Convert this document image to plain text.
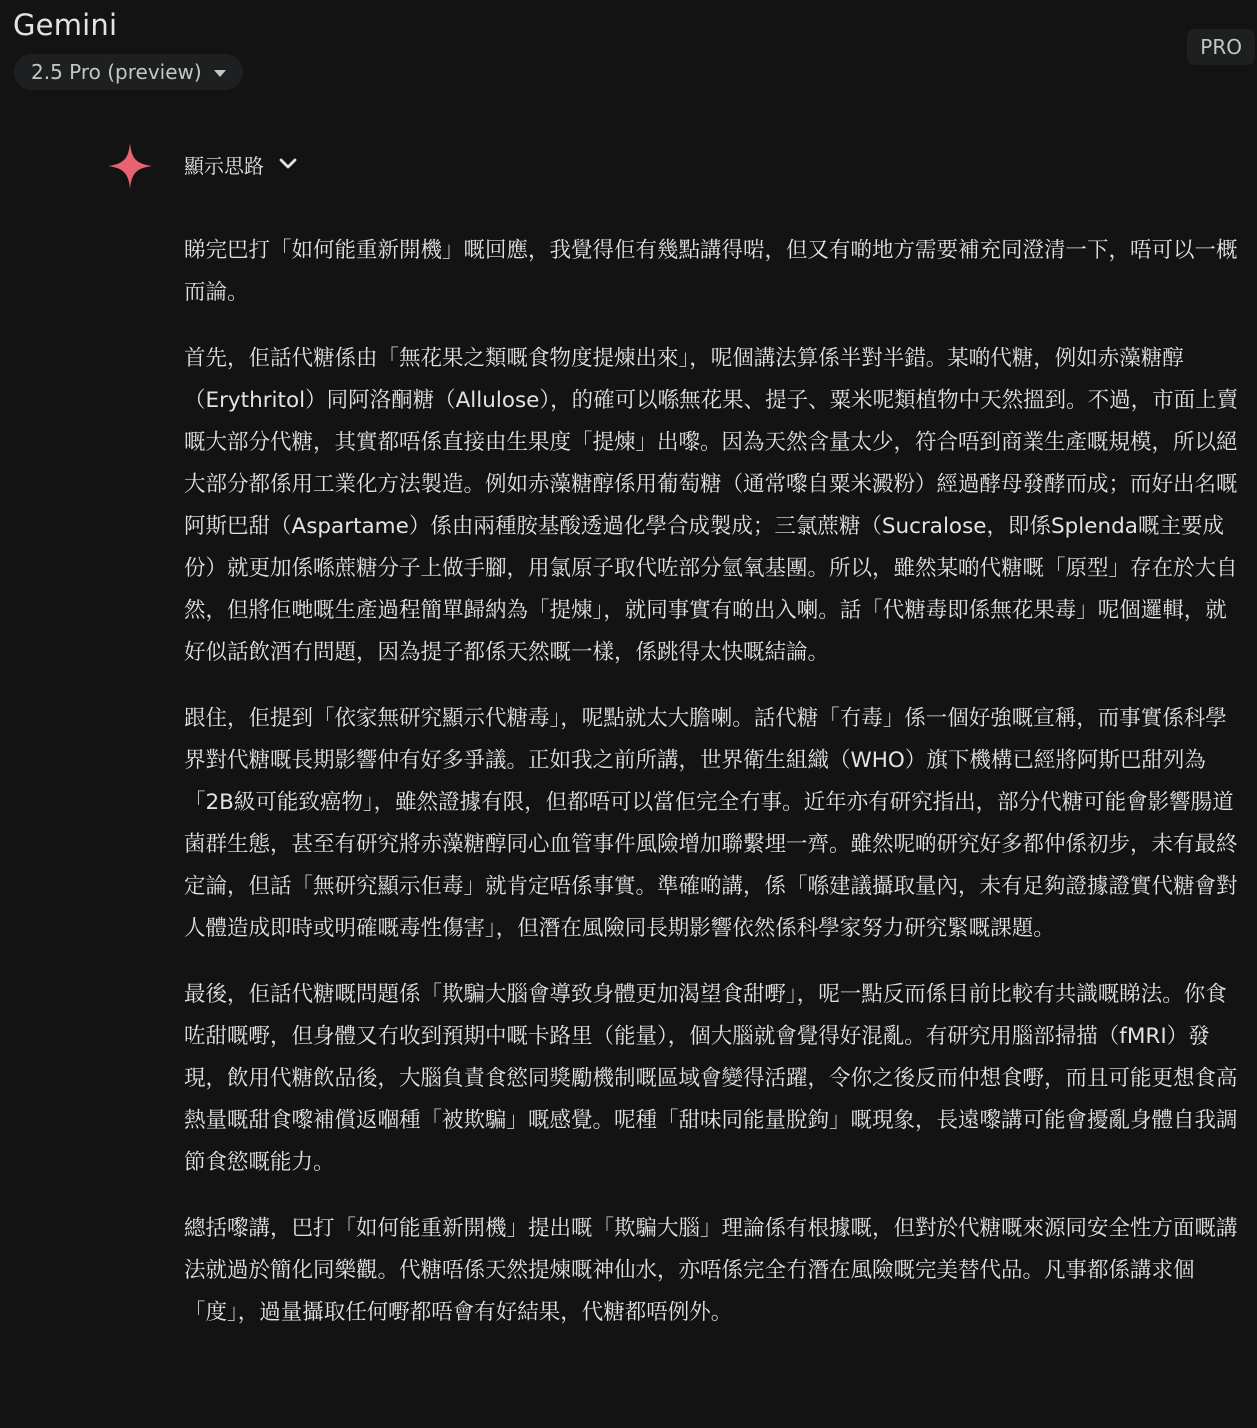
Gemini
2.5 Pro (preview)
PRO
顯示思路

睇完巴打「如何能重新開機」嘅回應，我覺得佢有幾點講得啱，但又有啲地方需要補充同澄清一下，唔可以一概而論。

首先，佢話代糖係由「無花果之類嘅食物度提煉出來」，呢個講法算係半對半錯。某啲代糖，例如赤藻糖醇（Erythritol）同阿洛酮糖（Allulose），的確可以喺無花果、提子、粟米呢類植物中天然搵到。不過，市面上賣嘅大部分代糖，其實都唔係直接由生果度「提煉」出嚟。因為天然含量太少，符合唔到商業生產嘅規模，所以絕大部分都係用工業化方法製造。例如赤藻糖醇係用葡萄糖（通常嚟自粟米澱粉）經過酵母發酵而成；而好出名嘅阿斯巴甜（Aspartame）係由兩種胺基酸透過化學合成製成；三氯蔗糖（Sucralose，即係Splenda嘅主要成份）就更加係喺蔗糖分子上做手腳，用氯原子取代咗部分氫氧基團。所以，雖然某啲代糖嘅「原型」存在於大自然，但將佢哋嘅生產過程簡單歸納為「提煉」，就同事實有啲出入喇。話「代糖毒即係無花果毒」呢個邏輯，就好似話飲酒冇問題，因為提子都係天然嘅一樣，係跳得太快嘅結論。

跟住，佢提到「依家無研究顯示代糖毒」，呢點就太大膽喇。話代糖「冇毒」係一個好強嘅宣稱，而事實係科學界對代糖嘅長期影響仲有好多爭議。正如我之前所講，世界衛生組織（WHO）旗下機構已經將阿斯巴甜列為「2B級可能致癌物」，雖然證據有限，但都唔可以當佢完全冇事。近年亦有研究指出，部分代糖可能會影響腸道菌群生態，甚至有研究將赤藻糖醇同心血管事件風險增加聯繫埋一齊。雖然呢啲研究好多都仲係初步，未有最終定論，但話「無研究顯示佢毒」就肯定唔係事實。準確啲講，係「喺建議攝取量內，未有足夠證據證實代糖會對人體造成即時或明確嘅毒性傷害」，但潛在風險同長期影響依然係科學家努力研究緊嘅課題。

最後，佢話代糖嘅問題係「欺騙大腦會導致身體更加渴望食甜嘢」，呢一點反而係目前比較有共識嘅睇法。你食咗甜嘅嘢，但身體又冇收到預期中嘅卡路里（能量），個大腦就會覺得好混亂。有研究用腦部掃描（fMRI）發現，飲用代糖飲品後，大腦負責食慾同獎勵機制嘅區域會變得活躍，令你之後反而仲想食嘢，而且可能更想食高熱量嘅甜食嚟補償返嗰種「被欺騙」嘅感覺。呢種「甜味同能量脫鉤」嘅現象，長遠嚟講可能會擾亂身體自我調節食慾嘅能力。

總括嚟講，巴打「如何能重新開機」提出嘅「欺騙大腦」理論係有根據嘅，但對於代糖嘅來源同安全性方面嘅講法就過於簡化同樂觀。代糖唔係天然提煉嘅神仙水，亦唔係完全冇潛在風險嘅完美替代品。凡事都係講求個「度」，過量攝取任何嘢都唔會有好結果，代糖都唔例外。
